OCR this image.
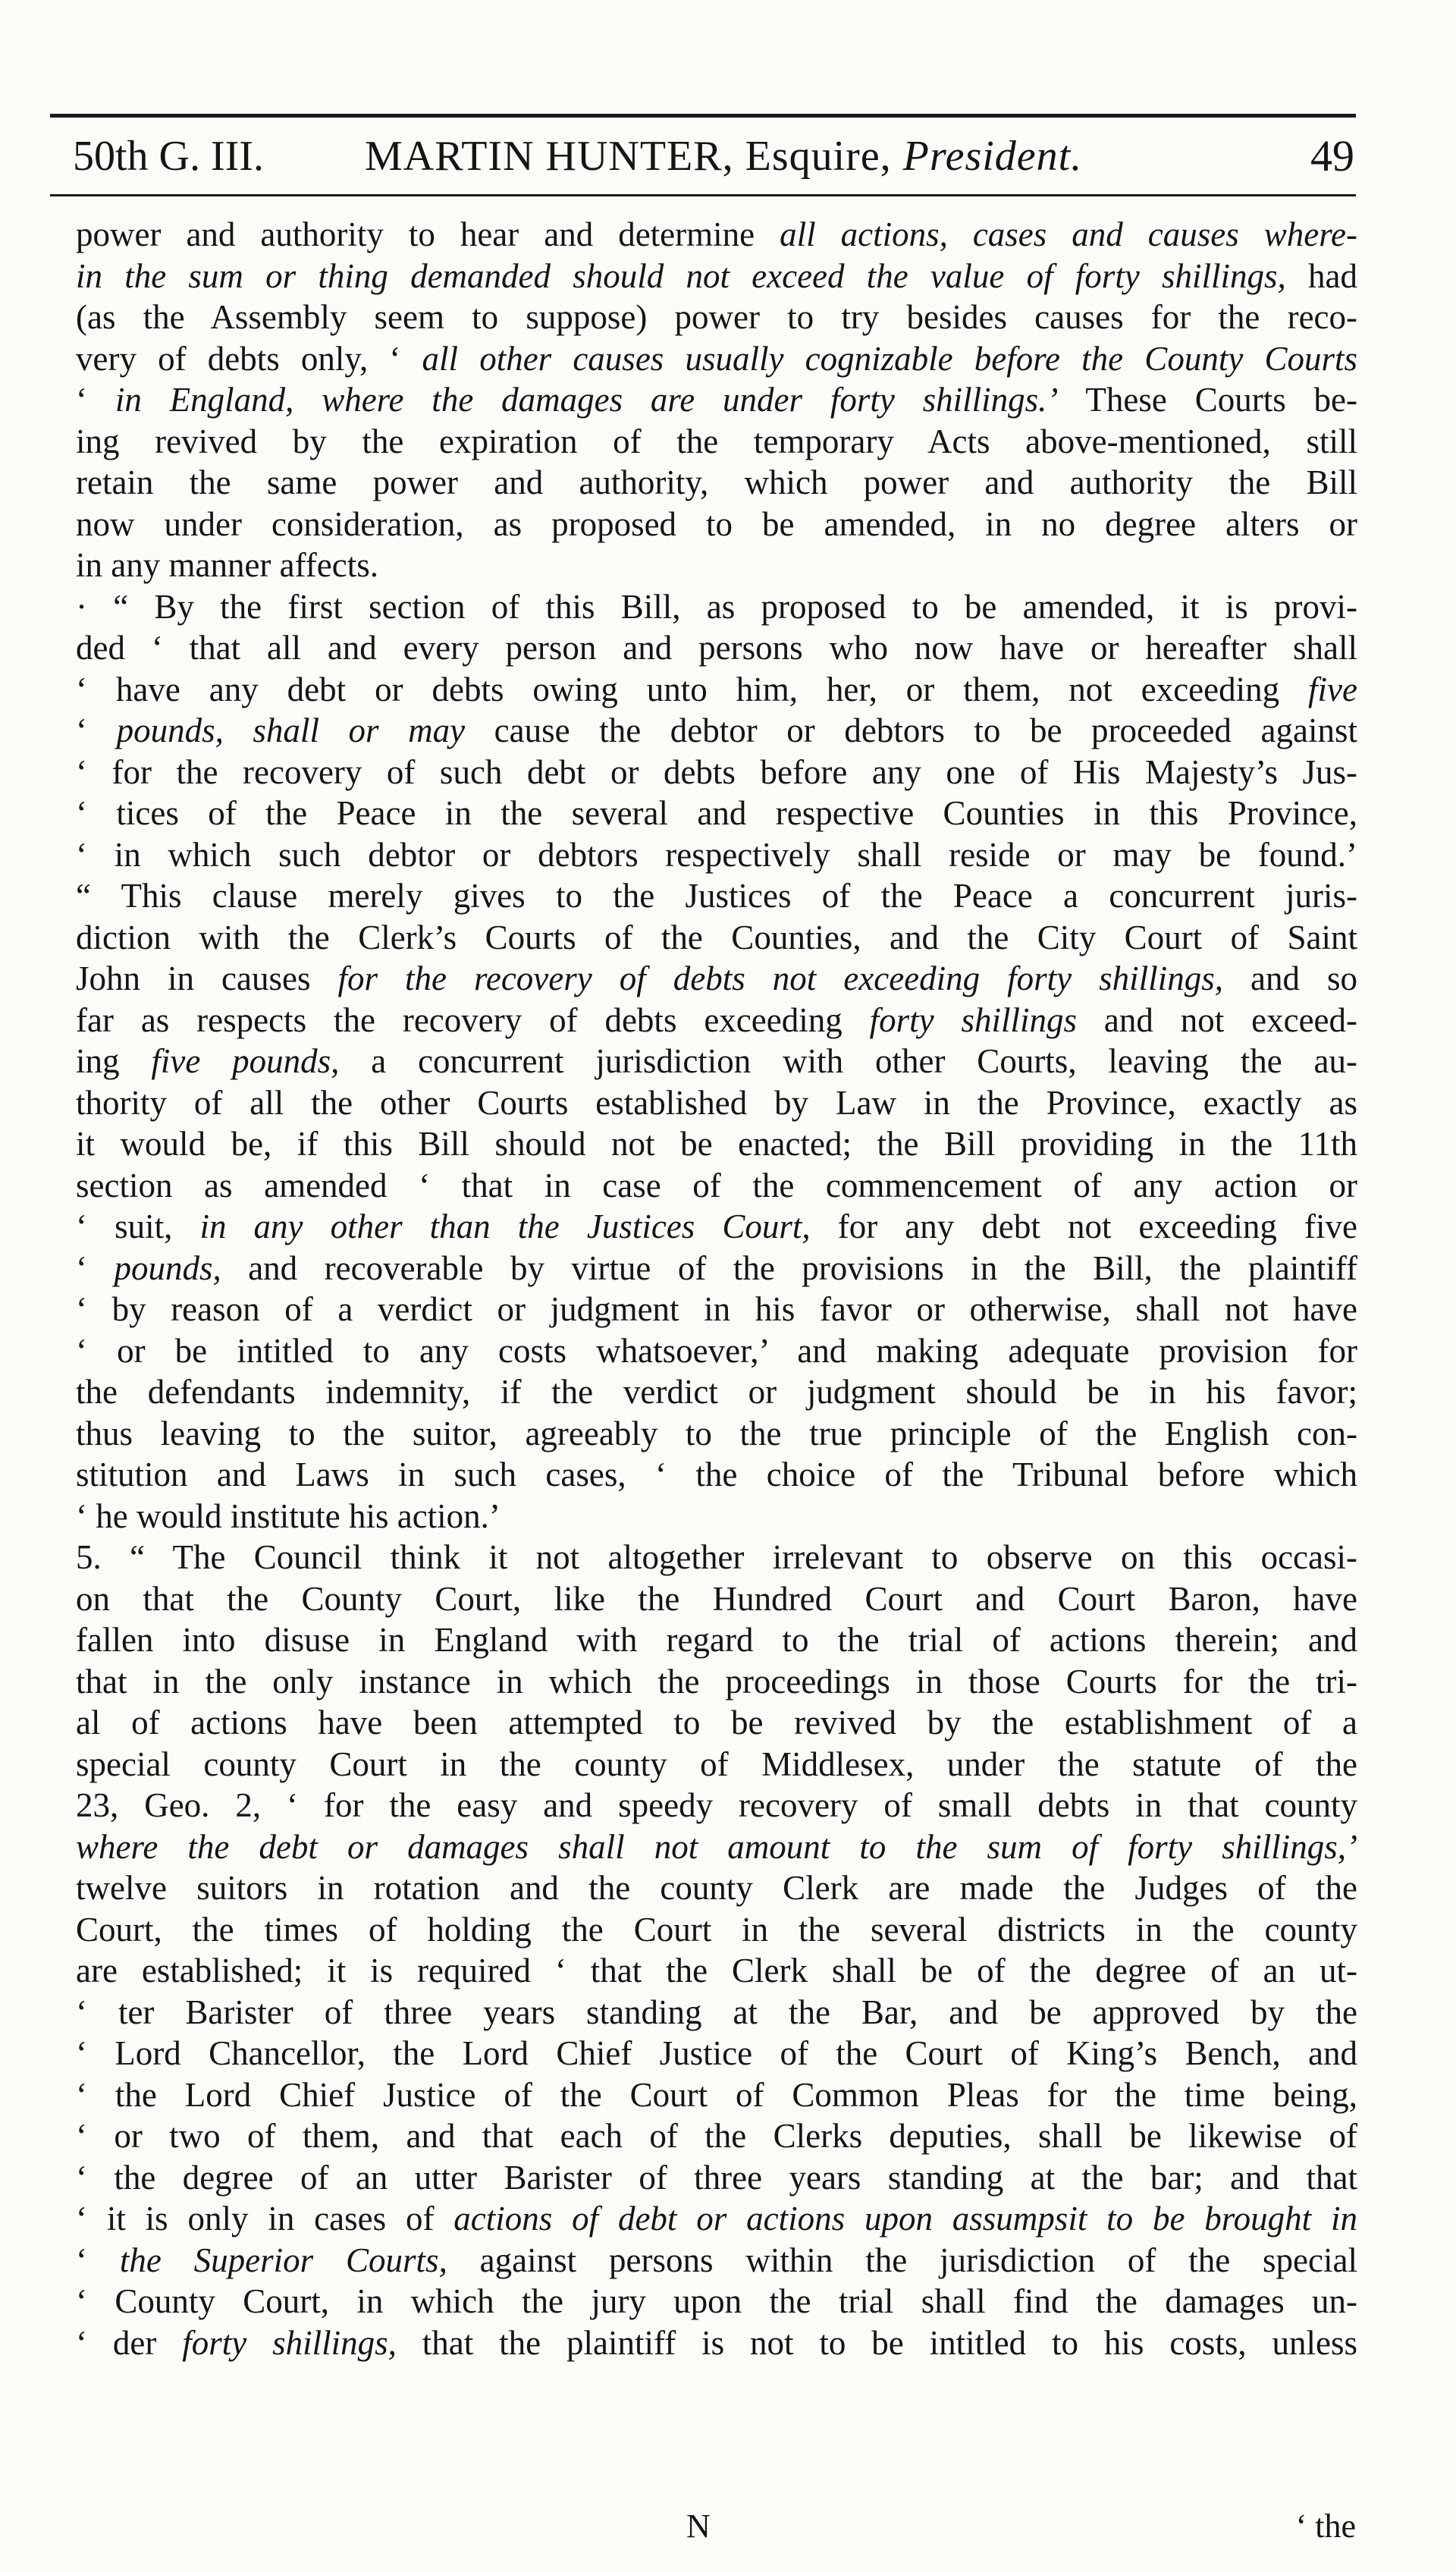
50th G. III. MARTIN HUNTER, Esquire, President.	49
power and authority to hear and determine all actions, cases and causes where-
in the sum or thing demanded should not exceed the value of forty shillings, had
(as the Assembly seem to suppose) power to try besides causes for the reco-
very of debts only, ‘ all other causes usually cognizable before the County Courts
‘ in England, where the damages are under forty shillings.’ These Courts be-
ing revived by the expiration of the temporary Acts above-mentioned, still
retain the same power and authority, which power and authority the Bill
now under consideration, as proposed to be amended, in no degree alters or
in any manner affects.
· “ By the first section of this Bill, as proposed to be amended, it is provi-
ded ‘ that all and every person and persons who now have or hereafter shall
‘ have any debt or debts owing unto him, her, or them, not exceeding five
‘ pounds, shall or may cause the debtor or debtors to be proceeded against
‘ for the recovery of such debt or debts before any one of His Majesty’s Jus-
‘ tices of the Peace in the several and respective Counties in this Province,
‘ in which such debtor or debtors respectively shall reside or may be found.’
“ This clause merely gives to the Justices of the Peace a concurrent juris-
diction with the Clerk’s Courts of the Counties, and the City Court of Saint
John in causes for the recovery of debts not exceeding forty shillings, and so
far as respects the recovery of debts exceeding forty shillings and not exceed-
ing five pounds, a concurrent jurisdiction with other Courts, leaving the au-
thority of all the other Courts established by Law in the Province, exactly as
it would be, if this Bill should not be enacted; the Bill providing in the 11th
section as amended ‘ that in case of the commencement of any action or
‘ suit, in any other than the Justices Court, for any debt not exceeding five
‘ pounds, and recoverable by virtue of the provisions in the Bill, the plaintiff
‘ by reason of a verdict or judgment in his favor or otherwise, shall not have
‘ or be intitled to any costs whatsoever,’ and making adequate provision for
the defendants indemnity, if the verdict or judgment should be in his favor;
thus leaving to the suitor, agreeably to the true principle of the English con-
stitution and Laws in such cases, ‘ the choice of the Tribunal before which
‘ he would institute his action.’
5. “ The Council think it not altogether irrelevant to observe on this occasi-
on that the County Court, like the Hundred Court and Court Baron, have
fallen into disuse in England with regard to the trial of actions therein; and
that in the only instance in which the proceedings in those Courts for the tri-
al of actions have been attempted to be revived by the establishment of a
special county Court in the county of Middlesex, under the statute of the
23, Geo. 2, ‘ for the easy and speedy recovery of small debts in that county
where the debt or damages shall not amount to the sum of forty shillings,’
twelve suitors in rotation and the county Clerk are made the Judges of the
Court, the times of holding the Court in the several districts in the county
are established; it is required ‘ that the Clerk shall be of the degree of an ut-
‘ ter Barister of three years standing at the Bar, and be approved by the
‘ Lord Chancellor, the Lord Chief Justice of the Court of King’s Bench, and
‘ the Lord Chief Justice of the Court of Common Pleas for the time being,
‘ or two of them, and that each of the Clerks deputies, shall be likewise of
‘ the degree of an utter Barister of three years standing at the bar; and that
‘ it is only in cases of actions of debt or actions upon assumpsit to be brought in
‘ the Superior Courts, against persons within the jurisdiction of the special
‘ County Court, in which the jury upon the trial shall find the damages un-
‘ der forty shillings, that the plaintiff is not to be intitled to his costs, unless
N	‘ the
